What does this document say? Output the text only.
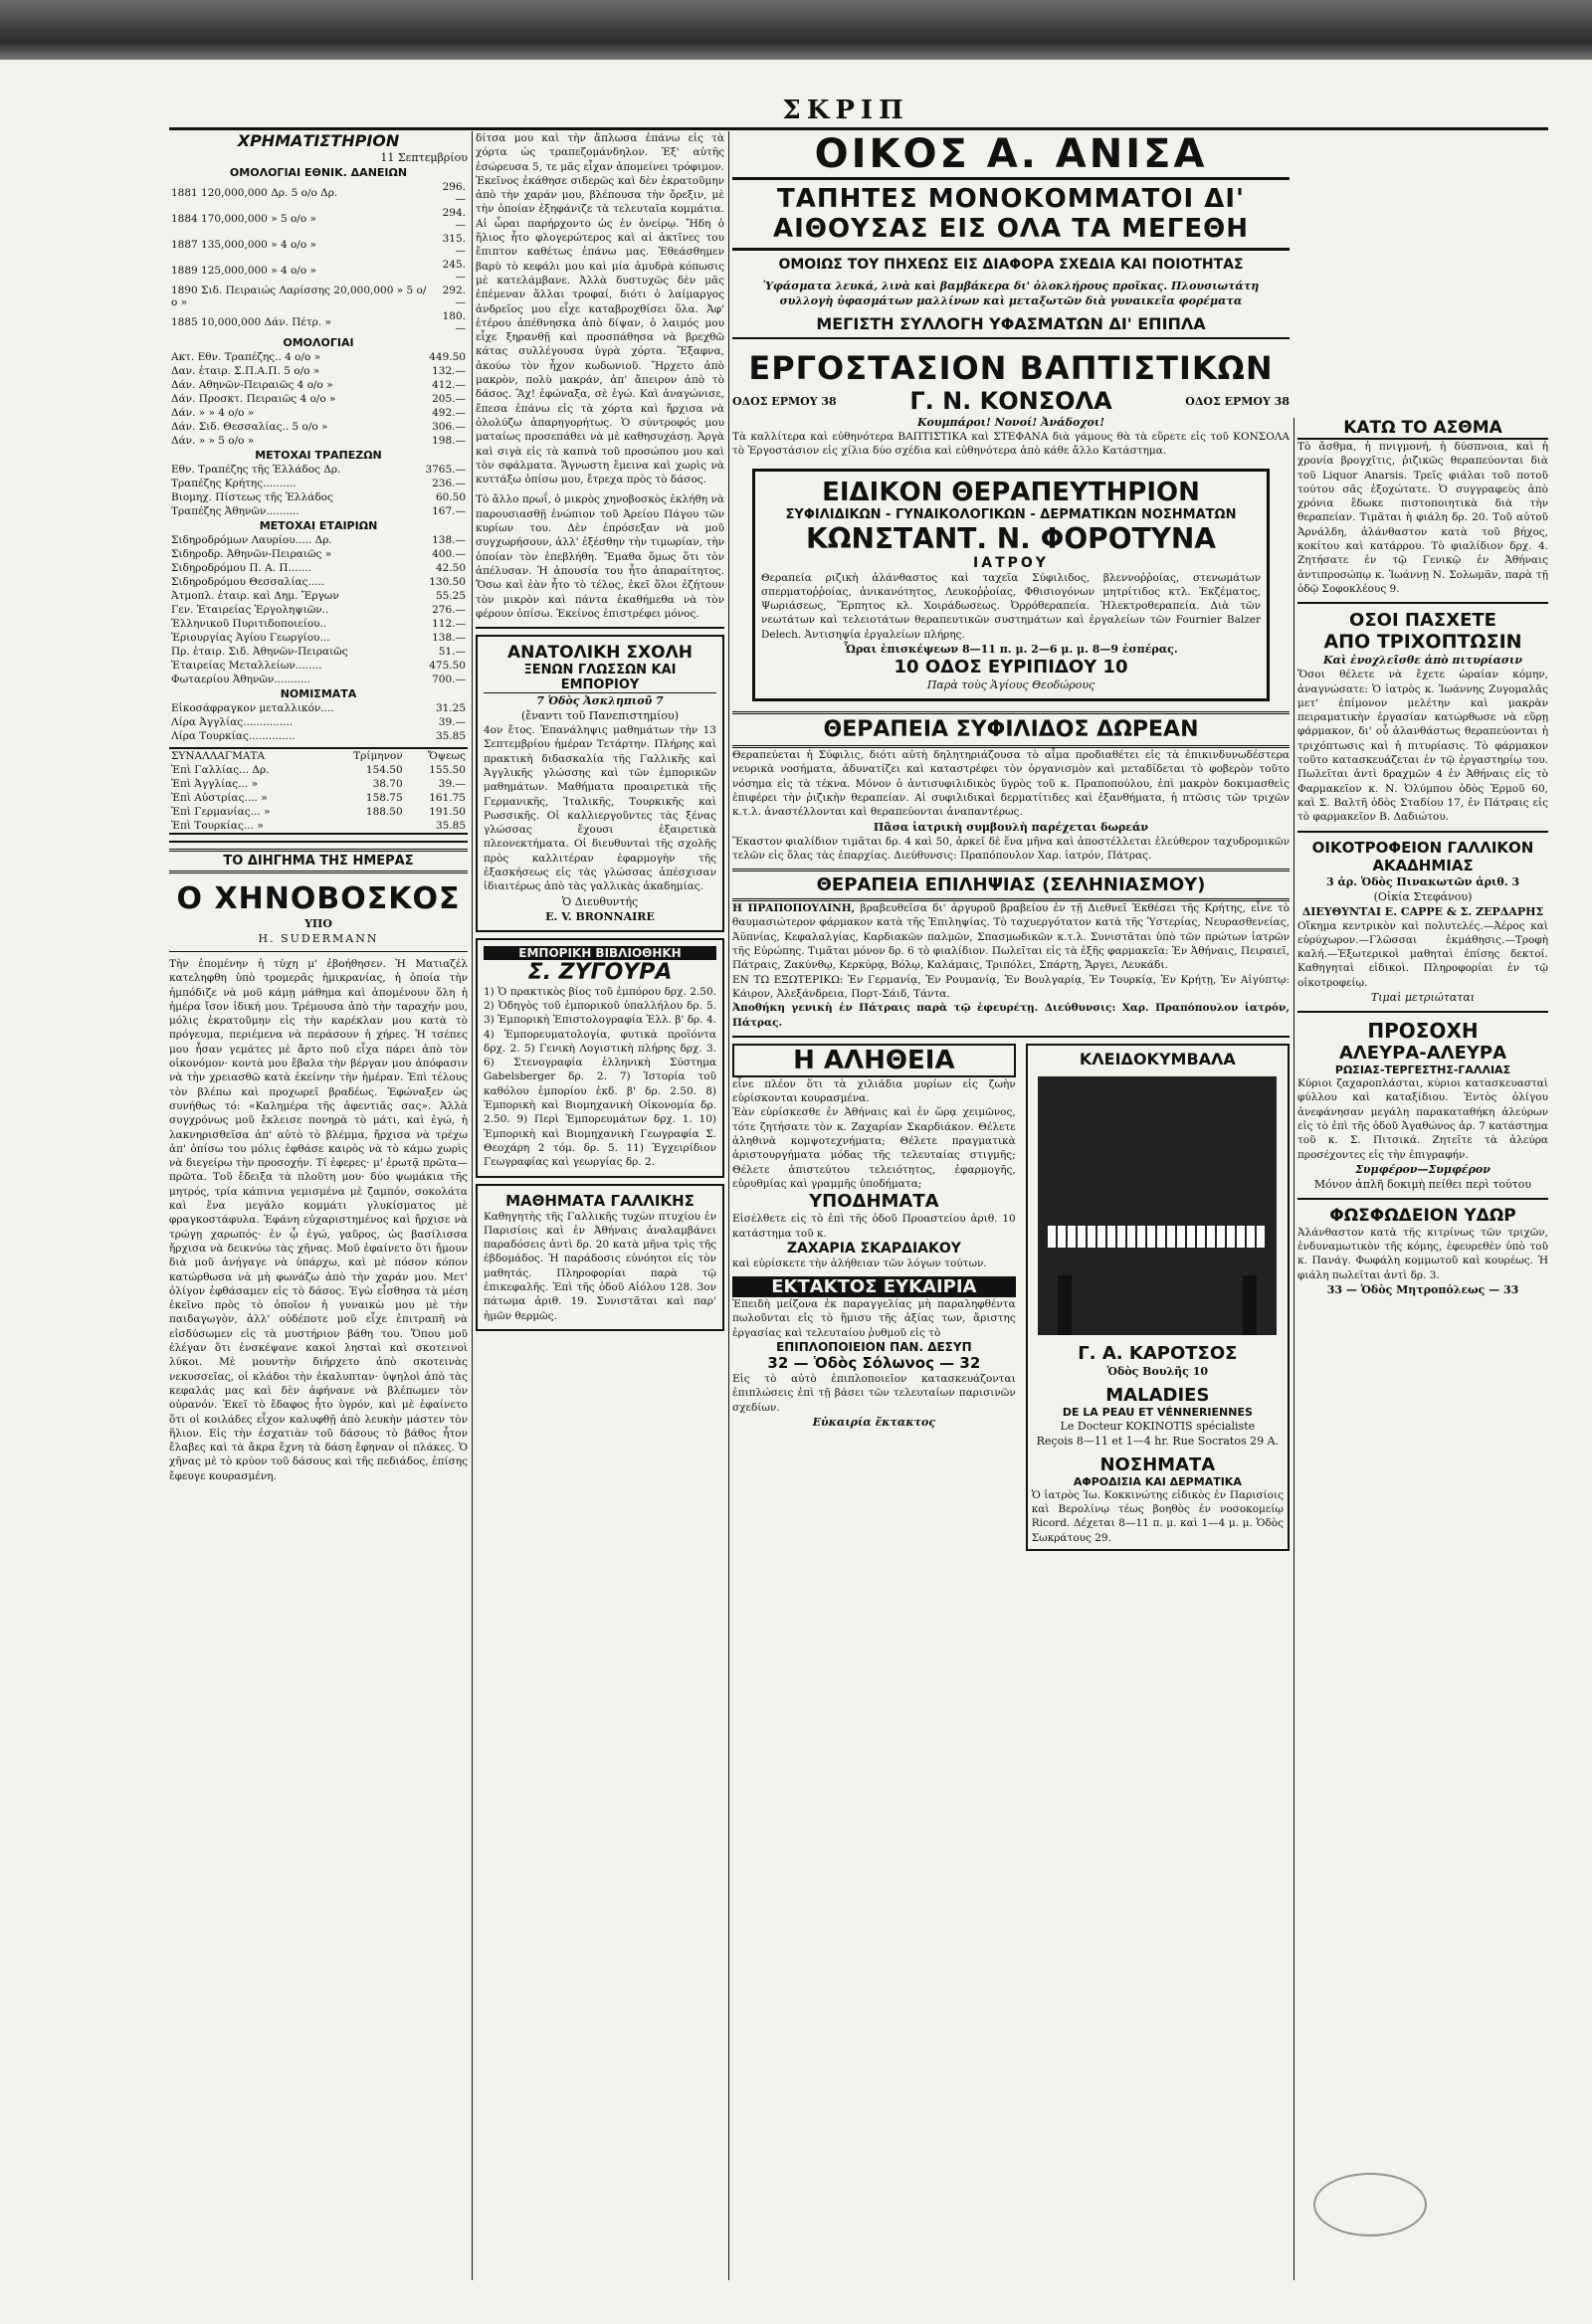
ΣΚΡΙΠ
ΧΡΗΜΑΤΙΣΤΗΡΙΟΝ
11 Σεπτεμβρίου
ΟΜΟΛΟΓΙΑΙ ΕΘΝΙΚ. ΔΑΝΕΙΩΝ
1881 120,000,000 Δρ. 5 ο/ο Δρ.	296.—
1884 170,000,000 » 5 ο/ο »	294.—
1887 135,000,000 » 4 ο/ο »	315.—
1889 125,000,000 » 4 ο/ο »	245.—
1890 Σιδ. Πειραιώς Λαρίσσης 20,000,000 » 5 ο/ο »	292.—
1885 10,000,000 Δάν. Πέτρ. »	180.—
ΟΜΟΛΟΓΙΑΙ
Ακτ. Εθν. Τραπέζης.. 4 ο/ο »	449.50
Δαν. ἐταιρ. Σ.Π.Α.Π. 5 ο/ο »	132.—
Δάν. Αθηνῶν-Πειραιῶς 4 ο/ο »	412.—
Δάν. Προσκτ. Πειραιῶς 4 ο/ο »	205.—
Δάν. » » 4 ο/ο »	492.—
Δάν. Σιδ. Θεσσαλίας.. 5 ο/ο »	306.—
Δάν. » » 5 ο/ο »	198.—
ΜΕΤΟΧΑΙ ΤΡΑΠΕΖΩΝ
Εθν. Τραπέζης τῆς Ἑλλάδος Δρ.	3765.—
Τραπέζης Κρήτης..........	236.—
Βιομηχ. Πίστεως τῆς Ἑλλάδος	60.50
Τραπέζης Ἀθηνῶν..........	167.—
ΜΕΤΟΧΑΙ ΕΤΑΙΡΙΩΝ
Σιδηροδρόμων Λαυρίου..... Δρ.	138.—
Σιδηροδρ. Ἀθηνῶν-Πειραιῶς »	400.—
Σιδηροδρόμου Π. Α. Π.......	42.50
Σιδηροδρόμου Θεσσαλίας.....	130.50
Ἀτμοπλ. ἐταιρ. καὶ Δημ. Ἔργων	55.25
Γεν. Ἑταιρείας Ἐργοληψιῶν..	276.—
Ἑλληνικοῦ Πυριτιδοποιείου..	112.—
Ἐριουργίας Ἀγίου Γεωργίου...	138.—
Πρ. ἑταιρ. Σιδ. Ἀθηνῶν-Πειραιῶς	51.—
Ἑταιρείας Μεταλλείων........	475.50
Φωταερίου Ἀθηνῶν...........	700.—
ΝΟΜΙΣΜΑΤΑ
Εἰκοσάφραγκον μεταλλικόν....	31.25
Λίρα Ἀγγλίας...............	39.—
Λίρα Τουρκίας..............	35.85
ΣΥΝΑΛΛΑΓΜΑΤΑ	Τρίμηνον	Ὄψεως
Ἐπὶ Γαλλίας... Δρ.	154.50	155.50
Ἐπὶ Ἀγγλίας... »	38.70	39.—
Ἐπὶ Αὐστρίας.... »	158.75	161.75
Ἐπὶ Γερμανίας... »	188.50	191.50
Ἐπὶ Τουρκίας... »		35.85
ΤΟ ΔΙΗΓΗΜΑ ΤΗΣ ΗΜΕΡΑΣ
Ο ΧΗΝΟΒΟΣΚΟΣ
ΥΠΟ
Η. SUDERMANN
Τὴν ἐπομένην ἡ τύχη μ' ἐβοήθησεν. Ἡ Ματιαζέλ κατεληφθη ὑπὸ τρομερᾶς ἡμικρανίας, ἡ ὁποία τὴν ἠμπόδιζε νὰ μοῦ κάμῃ μάθημα καὶ ἀπομένουν ὅλη ἡ ἡμέρα ἴσον ἰδική μου. Τρέμουσα ἀπὸ τὴν ταραχήν μου, μόλις ἐκρατοῦμην εἰς τὴν καρέκλαν μου κατὰ τὸ πρόγευμα, περιέμενα νὰ περάσουν ἡ χήρες. Ἡ τσέπες μου ἦσαν γεμάτες μὲ ἄρτο ποῦ εἶχα πάρει ἀπὸ τὸν οἰκονόμον· κοντὰ μου ἔβαλα τὴν βέργαν μου ἀπόφασιν νὰ τὴν χρειασθῶ κατὰ ἐκείνην τὴν ἡμέραν. Ἐπὶ τέλους τὸν βλέπω καὶ προχωρεῖ βραδέως. Ἐφώναξεν ὡς συνήθως τό: «Καλημέρα τῆς ἀφεντιᾶς σας». Ἀλλὰ συγχρόνως μοῦ ἔκλεισε πονηρὰ τὸ μάτι, καὶ ἐγώ, ἡ λακνηρισθεῖσα ἀπ' αὐτὸ τὸ βλέμμα, ἤρχισα νὰ τρέχω ἀπ' ὀπίσω του μόλις ἐφθάσε καιρὸς νὰ τὸ κάμω χωρὶς νὰ διεγείρω τὴν προσοχήν. Τί ἐφερες· μ' ἐρωτᾷ πρῶτα—πρῶτα. Τοῦ ἔδειξα τὰ πλοῦτη μου· δύο ψωμάκια τῆς μητρός, τρία κάπινια γεμισμένα μὲ ζαμπόν, σοκολάτα καὶ ἕνα μεγάλο κομμάτι γλυκίσματος μὲ φραγκοστάφυλα. Ἐφάνη εὐχαριστημένος καὶ ἤρχισε νὰ τρώγῃ χαρωπός· ἐν ᾧ ἐγώ, γαῦρος, ὡς βασίλισσα ἤρχισα νὰ δεικνύω τὰς χῆνας. Μοῦ ἐφαίνετο ὅτι ἤμουν διὰ μοῦ ἀνήγαγε νὰ ὑπάρχω, καὶ μὲ πόσον κόπον κατώρθωσα νὰ μὴ φωνάζω ἀπὸ τὴν χαράν μου. Μετ' ὀλίγον ἐφθάσαμεν εἰς τὸ δάσος. Ἐγὼ εἶσθησα τὰ μέση ἐκεῖνο πρὸς τὸ ὁποῖον ἡ γυναικὼ μου μὲ τὴν παιδαγωγὸν, ἀλλ' οὐδέποτε μοῦ εἶχε ἐπιτραπῆ νὰ εἰσδύσωμεν εἰς τὰ μυστήριον βάθη του. Ὅπου μοῦ ἐλέγαν ὅτι ἐνσκέψανε κακοὶ λησταὶ καὶ σκοτεινοὶ λύκοι. Μὲ μουντὴν διήρχετο ἀπὸ σκοτεινὰς νεκυσσεῖας, οἱ κλάδοι τὴν ἐκαλυπταν· ὑψηλοὶ ἀπὸ τὰς κεφαλάς μας καὶ δὲν ἀφήνανε νὰ βλέπωμεν τὸν οὐρανόν. Ἐκεῖ τὸ ἔδαφος ἦτο ὑγρόν, καὶ μὲ ἐφαίνετο ὅτι οἱ κοιλάδες εἶχον καλυφθῇ ἀπὸ λευκὴν μάστεν τὸν ἥλιον. Εἰς τὴν ἐσχατιὰν τοῦ δάσους τὸ βάθος ἦτον ἔλαβες καὶ τὰ ἄκρα ἔχνη τὰ δάση ἔφηναν οἱ πλάκες. Ὁ χῆνας μὲ τὸ κρύον τοῦ δάσους καὶ τῆς πεδιάδος, ἐπίσης ἔφευγε κουρασμένη.
δίτσα μου καὶ τὴν ἄπλωσα ἐπάνω εἰς τὰ χόρτα ὡς τραπεζομάνδηλον. Ἐξ' αὐτῆς ἐσώρευσα 5, τε μᾶς εἶχαν ἀπομείνει τρόφιμον. Ἐκεῖνος ἐκάθησε σιδερῶς καὶ δὲν ἐκρατοῦμην ἀπὸ τὴν χαράν μου, βλέπουσα τὴν ὄρεξιν, μὲ τὴν ὁποίαν ἐξηφάνιζε τὰ τελευταῖα κομμάτια. Αἱ ὧραι παρήρχοντο ὡς ἐν ὀνείρῳ. Ἤδη ὁ ἥλιος ἦτο φλογερώτερος καὶ αἱ ἀκτῖνες του ἔπιπτον καθέτως ἐπάνω μας. Ἐθεάσθημεν βαρὺ τὸ κεφάλι μου καὶ μία ἀμυδρὰ κόπωσις μὲ κατελάμβανε. Ἀλλὰ δυστυχῶς δὲν μᾶς ἐπέμεναν ἄλλαι τροφαί, διότι ὁ λαίμαργος ἀνδρεῖος μου εἶχε καταβροχθίσει ὅλα. Ἀφ' ἑτέρου ἀπέθνησκα ἀπὸ δίψαν, ὁ λαιμός μου εἶχε ξηρανθῇ καὶ προσπάθησα νὰ βρεχθῶ κάτας συλλέγουσα ὑγρὰ χόρτα. Ἔξαφνα, ἀκούω τὸν ἦχον κωδωνιοῦ. Ἤρχετο ἀπὸ μακρὸν, πολὺ μακράν, ἀπ' ἄπειρον ἀπὸ τὸ δάσος. Ἂχ! ἐφώναξα, σὲ ἐγώ. Καὶ ἀναγώνισε, ἔπεσα ἐπάνω εἰς τὰ χόρτα καὶ ἤρχισα νὰ ὀλολύζω ἀπαρηγορήτως. Ὁ σύντροφός μου ματαίως προσεπάθει νὰ μὲ καθησυχάσῃ. Ἀργὰ καὶ σιγὰ εἰς τὰ καπνὰ τοῦ προσώπου μου καὶ τὸν σφάλματα. Ἄγνωστη ἔμεινα καὶ χωρὶς νὰ κυττάξω ὀπίσω μου, ἔτρεχα πρὸς τὸ δάσος.
Τὸ ἄλλο πρωΐ, ὁ μικρὸς χηνοβοσκὸς ἐκλήθη νὰ παρουσιασθῇ ἐνώπιον τοῦ Ἀρείου Πάγου τῶν κυρίων του. Δὲν ἐπρόσεξαν νὰ μοῦ συγχωρήσουν, ἀλλ' ἐξέσθην τὴν τιμωρίαν, τὴν ὁποίαν τὸν ἐπεβλήθη. Ἔμαθα ὅμως ὅτι τὸν ἀπέλυσαν. Ἡ ἀπουσία του ἦτο ἀπαραίτητος. Ὅσω καὶ ἐὰν ἦτο τὸ τέλος, ἐκεῖ ὅλοι ἐζήτουν τὸν μικρὸν καὶ πάντα ἐκαθήμεθα νὰ τὸν φέρουν ὀπίσω. Ἐκείνος ἐπιστρέφει μόνος.
ΑΝΑΤΟΛΙΚΗ ΣΧΟΛΗ
ΞΕΝΩΝ ΓΛΩΣΣΩΝ ΚΑΙ ΕΜΠΟΡΙΟΥ
7 Ὁδὸς Ἀσκληπιοῦ 7
(ἔναντι τοῦ Πανεπιστημίου)
4ον ἔτος. Ἐπανάληψις μαθημάτων τὴν 13 Σεπτεμβρίου ἡμέραν Τετάρτην. Πλήρης καὶ πρακτικὴ διδασκαλία τῆς Γαλλικῆς καὶ Ἀγγλικῆς γλώσσης καὶ τῶν ἐμπορικῶν μαθημάτων. Μαθήματα προαιρετικὰ τῆς Γερμανικῆς, Ἰταλικῆς, Τουρκικῆς καὶ Ρωσσικῆς. Οἱ καλλιεργοῦντες τὰς ξένας γλώσσας ἔχουσι ἐξαιρετικὰ πλεονεκτήματα. Οἱ διευθυνταὶ τῆς σχολῆς πρὸς καλλιτέραν ἐφαρμογὴν τῆς ἐξασκήσεως εἰς τὰς γλώσσας ἀπέσχισαν ἰδιαιτέρως ἀπὸ τὰς γαλλικὰς ἀκαδημίας.
Ὁ Διευθυντής
E. V. BRONNAIRE
ΕΜΠΟΡΙΚΗ ΒΙΒΛΙΟΘΗΚΗ
Σ. ΖΥΓΟΥΡΑ
1) Ὁ πρακτικὸς βίος τοῦ ἐμπόρου δρχ. 2.50. 2) Ὁδηγὸς τοῦ ἐμπορικοῦ ὑπαλλήλου δρ. 5. 3) Ἐμπορικὴ Ἐπιστολογραφία Ἑλλ. β' δρ. 4. 4) Ἐμπορευματολογία, φυτικὰ προϊόντα δρχ. 2. 5) Γενικὴ Λογιστικὴ πλήρης δρχ. 3. 6) Στενογραφία ἑλληνικὴ Σύστημα Gabelsberger δρ. 2. 7) Ἱστορία τοῦ καθόλου ἐμπορίου ἐκδ. β' δρ. 2.50. 8) Ἐμπορικὴ καὶ Βιομηχανικὴ Οἰκονομία δρ. 2.50. 9) Περὶ Ἐμπορευμάτων δρχ. 1. 10) Ἐμπορικὴ καὶ Βιομηχανικὴ Γεωγραφία Σ. Θεοχάρη 2 τόμ. δρ. 5. 11) Ἐγχειρίδιον Γεωγραφίας καὶ γεωργίας δρ. 2.
ΜΑΘΗΜΑΤΑ ΓΑΛΛΙΚΗΣ
Καθηγητὴς τῆς Γαλλικῆς τυχὼν πτυχίου ἐν Παρισίοις καὶ ἐν Ἀθήναις ἀναλαμβάνει παραδόσεις ἀντὶ δρ. 20 κατὰ μῆνα τρὶς τῆς ἑβδομάδος. Ἡ παράδοσις εὐνόητοι εἰς τὸν μαθητάς. Πληροφορίαι παρὰ τῷ ἐπικεφαλῆς. Ἐπὶ τῆς ὁδοῦ Αἰόλου 128. 3ον πάτωμα ἀριθ. 19. Συνιστᾶται καὶ παρ' ἡμῶν θερμῶς.
ΟΙΚΟΣ Α. ΑΝΙΣΑ
ΤΑΠΗΤΕΣ ΜΟΝΟΚΟΜΜΑΤΟΙ ΔΙ' ΑΙΘΟΥΣΑΣ ΕΙΣ ΟΛΑ ΤΑ ΜΕΓΕΘΗ
ΟΜΟΙΩΣ ΤΟΥ ΠΗΧΕΩΣ ΕΙΣ ΔΙΑΦΟΡΑ ΣΧΕΔΙΑ ΚΑΙ ΠΟΙΟΤΗΤΑΣ
Ὑφάσματα λευκά, λινὰ καὶ βαμβάκερα δι' ὁλοκλήρους προῖκας. Πλουσιωτάτη συλλογὴ ὑφασμάτων μαλλίνων καὶ μεταξωτῶν διὰ γυναικεῖα φορέματα
ΜΕΓΙΣΤΗ ΣΥΛΛΟΓΗ ΥΦΑΣΜΑΤΩΝ ΔΙ' ΕΠΙΠΛΑ
ΕΡΓΟΣΤΑΣΙΟΝ ΒΑΠΤΙΣΤΙΚΩΝ
ΟΔΟΣ ΕΡΜΟΥ 38	Γ. Ν. ΚΟΝΣΟΛΑ	ΟΔΟΣ ΕΡΜΟΥ 38
Κουμπάροι! Νονοί! Ἀνάδοχοι!
Τὰ καλλίτερα καὶ εὐθηνότερα ΒΑΠΤΙΣΤΙΚΑ καὶ ΣΤΕΦΑΝΑ διὰ γάμους θὰ τὰ εὕρετε εἰς τοῦ ΚΟΝΣΟΛΑ τὸ Ἐργοστάσιον εἰς χίλια δύο σχέδια καὶ εὐθηνότερα ἀπὸ κάθε ἄλλο Κατάστημα.
ΕΙΔΙΚΟΝ ΘΕΡΑΠΕΥΤΗΡΙΟΝ
ΣΥΦΙΛΙΔΙΚΩΝ - ΓΥΝΑΙΚΟΛΟΓΙΚΩΝ - ΔΕΡΜΑΤΙΚΩΝ ΝΟΣΗΜΑΤΩΝ
ΚΩΝΣΤΑΝΤ. Ν. ΦΟΡΟΤΥΝΑ
ΙΑΤΡΟΥ
Θεραπεία ριζικὴ ἀλάνθαστος καὶ ταχεῖα Σύφιλιδος, βλεννοῤῥοίας, στενωμάτων σπερματοῤῥοίας, ἀνικανότητος, Λευκοῤῥοίας, Φθισιογόνων μητρίτιδος κτλ. Ἐκζέματος, Ψωριάσεως, Ἕρπητος κλ. Χοιράδωσεως. Ὀρρόθεραπεία. Ἠλεκτροθεραπεία. Διὰ τῶν νεωτάτων καὶ τελειοτάτων θεραπευτικῶν συστημάτων καὶ ἐργαλείων τῶν Fournier Balzer Delech. Ἀντισηψία ἐργαλείων πλήρης.
Ὧραι ἐπισκέψεων 8—11 π. μ. 2—6 μ. μ. 8—9 ἑσπέρας.
10 ΟΔΟΣ ΕΥΡΙΠΙΔΟΥ 10
Παρὰ τοὺς Ἁγίους Θεοδώρους
ΘΕΡΑΠΕΙΑ ΣΥΦΙΛΙΔΟΣ ΔΩΡΕΑΝ
Θεραπεύεται ἡ Σύφιλις, διότι αὐτὴ δηλητηριάζουσα τὸ αἷμα προδιαθέτει εἰς τὰ ἐπικινδυνωδέστερα νευρικὰ νοσήματα, ἀδυνατίζει καὶ καταστρέφει τὸν ὀργανισμὸν καὶ μεταδίδεται τὸ φοβερὸν τοῦτο νόσημα εἰς τὰ τέκνα. Μόνον ὁ ἀντισυφιλιδικὸς ὕγρὸς τοῦ κ. Πραποπούλου, ἐπὶ μακρὸν δοκιμασθεὶς ἐπιφέρει τὴν ῥιζικὴν θεραπείαν. Αἱ συφιλιδικαὶ δερματίτιδες καὶ ἐξανθήματα, ἡ πτῶσις τῶν τριχῶν κ.τ.λ. ἀναστέλλονται καὶ θεραπεύονται ἀναπαντέρως.
Πᾶσα ἰατρικὴ συμβουλὴ παρέχεται δωρεάν
Ἕκαστον φιαλίδιον τιμᾶται δρ. 4 καὶ 50, ἀρκεῖ δὲ ἕνα μῆνα καὶ ἀποστέλλεται ἐλεύθερον ταχυδρομικῶν τελῶν εἰς ὅλας τὰς ἐπαρχίας. Διεύθυνσις: Πραπόπουλον Χαρ. ἰατρόν, Πάτρας.
ΘΕΡΑΠΕΙΑ ΕΠΙΛΗΨΙΑΣ (ΣΕΛΗΝΙΑΣΜΟΥ)
Η ΠΡΑΠΟΠΟΥΛΙΝΗ, βραβευθεῖσα δι' ἀργυροῦ βραβείου ἐν τῇ Διεθνεῖ Ἐκθέσει τῆς Κρήτης, εἶνε τὸ θαυμασιώτερον φάρμακον κατὰ τῆς Ἐπιληψίας. Τὸ ταχυεργότατον κατὰ τῆς Ὑστερίας, Νευρασθενείας, Ἀϋπνίας, Κεφαλαλγίας, Καρδιακῶν παλμῶν, Σπασμωδικῶν κ.τ.λ. Συνιστᾶται ὑπὸ τῶν πρώτων ἰατρῶν τῆς Εὐρώπης. Τιμᾶται μόνον δρ. 6 τὸ φιαλίδιον. Πωλεῖται εἰς τὰ ἑξῆς φαρμακεῖα: Ἐν Ἀθήναις, Πειραιεῖ, Πάτραις, Ζακύνθῳ, Κερκύρᾳ, Βόλῳ, Καλάμαις, Τριπόλει, Σπάρτῃ, Ἄργει, Λευκάδι.
ΕΝ ΤΩ ΕΞΩΤΕΡΙΚΩ: Ἐν Γερμανίᾳ, Ἐν Ρουμανίᾳ, Ἐν Βουλγαρίᾳ, Ἐν Τουρκίᾳ, Ἐν Κρήτῃ, Ἐν Αἰγύπτῳ: Κάιρον, Ἀλεξάνδρεια, Πορτ-Σάιδ, Τάντα.
Ἀποθήκη γενικὴ ἐν Πάτραις παρὰ τῷ ἐφευρέτῃ. Διεύθυνσις: Χαρ. Πραπόπουλον ἰατρόν, Πάτρας.
Η ΑΛΗΘΕΙΑ
εἶνε πλέον ὅτι τὰ χιλιάδια μυρίων εἰς ζωὴν εὑρίσκονται κουρασμένα.
Ἐὰν εὑρίσκεσθε ἐν Ἀθήναις καὶ ἐν ὥρᾳ χειμῶνος, τότε ζητήσατε τὸν κ. Ζαχαρίαν Σκαρδιάκον. Θέλετε ἀληθινὰ κομψοτεχνήματα; Θέλετε πραγματικὰ ἀριστουργήματα μόδας τῆς τελευταίας στιγμῆς; Θέλετε ἀπιστεύτου τελειότητος, ἐφαρμογῆς, εὐρυθμίας καὶ γραμμῆς ὑποδήματα;
ΥΠΟΔΗΜΑΤΑ
Εἰσέλθετε εἰς τὸ ἐπὶ τῆς ὁδοῦ Προαστείου ἀριθ. 10 κατάστημα τοῦ κ.
ΖΑΧΑΡΙΑ ΣΚΑΡΔΙΑΚΟΥ
καὶ εὑρίσκετε τὴν ἀλήθειαν τῶν λόγων τούτων.
ΕΚΤΑΚΤΟΣ ΕΥΚΑΙΡΙΑ
Ἐπειδὴ μείζονα ἐκ παραγγελίας μὴ παραληφθέντα πωλοῦνται εἰς τὸ ἥμισυ τῆς ἀξίας των, ἄριστης ἐργασίας καὶ τελευταίου ῥυθμοῦ εἰς τὸ
ΕΠΙΠΛΟΠΟΙΕΙΟΝ ΠΑΝ. ΔΕΣΥΠ
32 — Ὁδὸς Σόλωνος — 32
Εἰς τὸ αὐτὸ ἐπιπλοποιεῖον κατασκευάζονται ἐπιπλώσεις ἐπὶ τῇ βάσει τῶν τελευταίων παρισινῶν σχεδίων.
Εὐκαιρία ἔκτακτος
ΚΛΕΙΔΟΚΥΜΒΑΛΑ
Γ. Α. ΚΑΡΟΤΣΟΣ
Ὁδὸς Βουλῆς 10
MALADIES
DE LA PEAU ET VÉNNERIENNES
Le Docteur KOKINOTIS spécialiste
Reçois 8—11 et 1—4 hr. Rue Socratos 29 A.
ΝΟΣΗΜΑΤΑ
ΑΦΡΟΔΙΣΙΑ ΚΑΙ ΔΕΡΜΑΤΙΚΑ
Ὁ ἰατρὸς Ἰω. Κοκκινώτης εἰδικὸς ἐν Παρισίοις καὶ Βερολίνῳ τέως βοηθὸς ἐν νοσοκομείῳ Ricord. Δέχεται 8—11 π. μ. καὶ 1—4 μ. μ. Ὁδὸς Σωκράτους 29.
ΚΑΤΩ ΤΟ ΑΣΘΜΑ
Τὸ ἄσθμα, ἡ πνιγμονή, ἡ δύσπνοια, καὶ ἡ χρονία βρογχῖτις, ῥιζικῶς θεραπεύονται διὰ τοῦ Liquor Anarsis. Τρεῖς φιάλαι τοῦ ποτοῦ τούτου σᾶς ἐξοχώτατε. Ὁ συγγραφεὺς ἀπὸ χρόνια ἔδωκε πιστοποιητικὰ διὰ τὴν θεραπείαν. Τιμᾶται ἡ φιάλη δρ. 20. Τοῦ αὐτοῦ Ἀρνάλδη, ἀλάνθαστον κατὰ τοῦ βήχος, κοκίτου καὶ κατάρρου. Τὸ φιαλίδιον δρχ. 4. Ζητήσατε ἐν τῷ Γενικῷ ἐν Ἀθήναις ἀντιπροσώπῳ κ. Ἰωάννῃ Ν. Σολωμᾶν, παρὰ τῇ ὁδῷ Σοφοκλέους 9.
ΟΣΟΙ ΠΑΣΧΕΤΕ
ΑΠΟ ΤΡΙΧΟΠΤΩΣΙΝ
Καὶ ἐνοχλεῖσθε ἀπὸ πιτυρίασιν
Ὅσοι θέλετε νὰ ἔχετε ὡραίαν κόμην, ἀναγνώσατε: Ὁ ἰατρὸς κ. Ἰωάννης Ζυγομαλᾶς μετ' ἐπίμονον μελέτην καὶ μακρὰν πειραματικὴν ἐργασίαν κατώρθωσε νὰ εὕρῃ φάρμακον, δι' οὗ ἀλανθάστως θεραπεύονται ἡ τριχόπτωσις καὶ ἡ πιτυρίασις. Τὸ φάρμακον τοῦτο κατασκευάζεται ἐν τῷ ἐργαστηρίῳ του. Πωλεῖται ἀντὶ δραχμῶν 4 ἐν Ἀθήναις εἰς τὸ Φαρμακεῖον κ. Ν. Ὀλύμπου ὁδὸς Ἑρμοῦ 60, καὶ Σ. Βαλτῆ ὁδὸς Σταδίου 17, ἐν Πάτραις εἰς τὸ φαρμακεῖον Β. Δαδιώτου.
ΟΙΚΟΤΡΟΦΕΙΟΝ ΓΑΛΛΙΚΟΝ
ΑΚΑΔΗΜΙΑΣ
3 ἀρ. Ὁδὸς Πινακωτῶν ἀριθ. 3
(Οἰκία Στεφάνου)
ΔΙΕΥΘΥΝΤΑΙ Ε. CAPPE & Σ. ΖΕΡΔΑΡΗΣ
Οἴκημα κεντρικὸν καὶ πολυτελές.—Ἀέρος καὶ εὐρύχωρον.—Γλῶσσαι ἐκμάθησις.—Τροφὴ καλή.—Ἐξωτερικοὶ μαθηταὶ ἐπίσης δεκτοί. Καθηγηταὶ εἰδικοὶ. Πληροφορίαι ἐν τῷ οἰκοτροφείῳ.
Τιμαὶ μετριώταται
ΠΡΟΣΟΧΗ
ΑΛΕΥΡΑ-ΑΛΕΥΡΑ
ΡΩΣΙΑΣ-ΤΕΡΓΕΣΤΗΣ-ΓΑΛΛΙΑΣ
Κύριοι ζαχαροπλάσται, κύριοι κατασκευασταὶ φύλλου καὶ καταξίδιου. Ἐντὸς ὀλίγου ἀνεφάνησαν μεγάλη παρακαταθήκη ἀλεύρων εἰς τὸ ἐπὶ τῆς ὁδοῦ Ἀγαθώνος ἀρ. 7 κατάστημα τοῦ κ. Σ. Πιτσικά. Ζητεῖτε τὰ ἀλεύρα προσέχοντες εἰς τὴν ἐπιγραφήν.
Συμφέρον—Συμφέρον
Μόνον ἀπλῆ δοκιμὴ πείθει περὶ τούτου
ΦΩΣΦΩΔΕΙΟΝ ΥΔΩΡ
Ἀλάνθαστον κατὰ τῆς κιτρίνως τῶν τριχῶν, ἐνδυναμωτικὸν τῆς κόμης, ἐφευρεθὲν ὑπὸ τοῦ κ. Πανάγ. Φωφάλη κομμωτοῦ καὶ κουρέως. Ἡ φιάλη πωλεῖται ἀντὶ δρ. 3.
33 — Ὁδὸς Μητροπόλεως — 33
